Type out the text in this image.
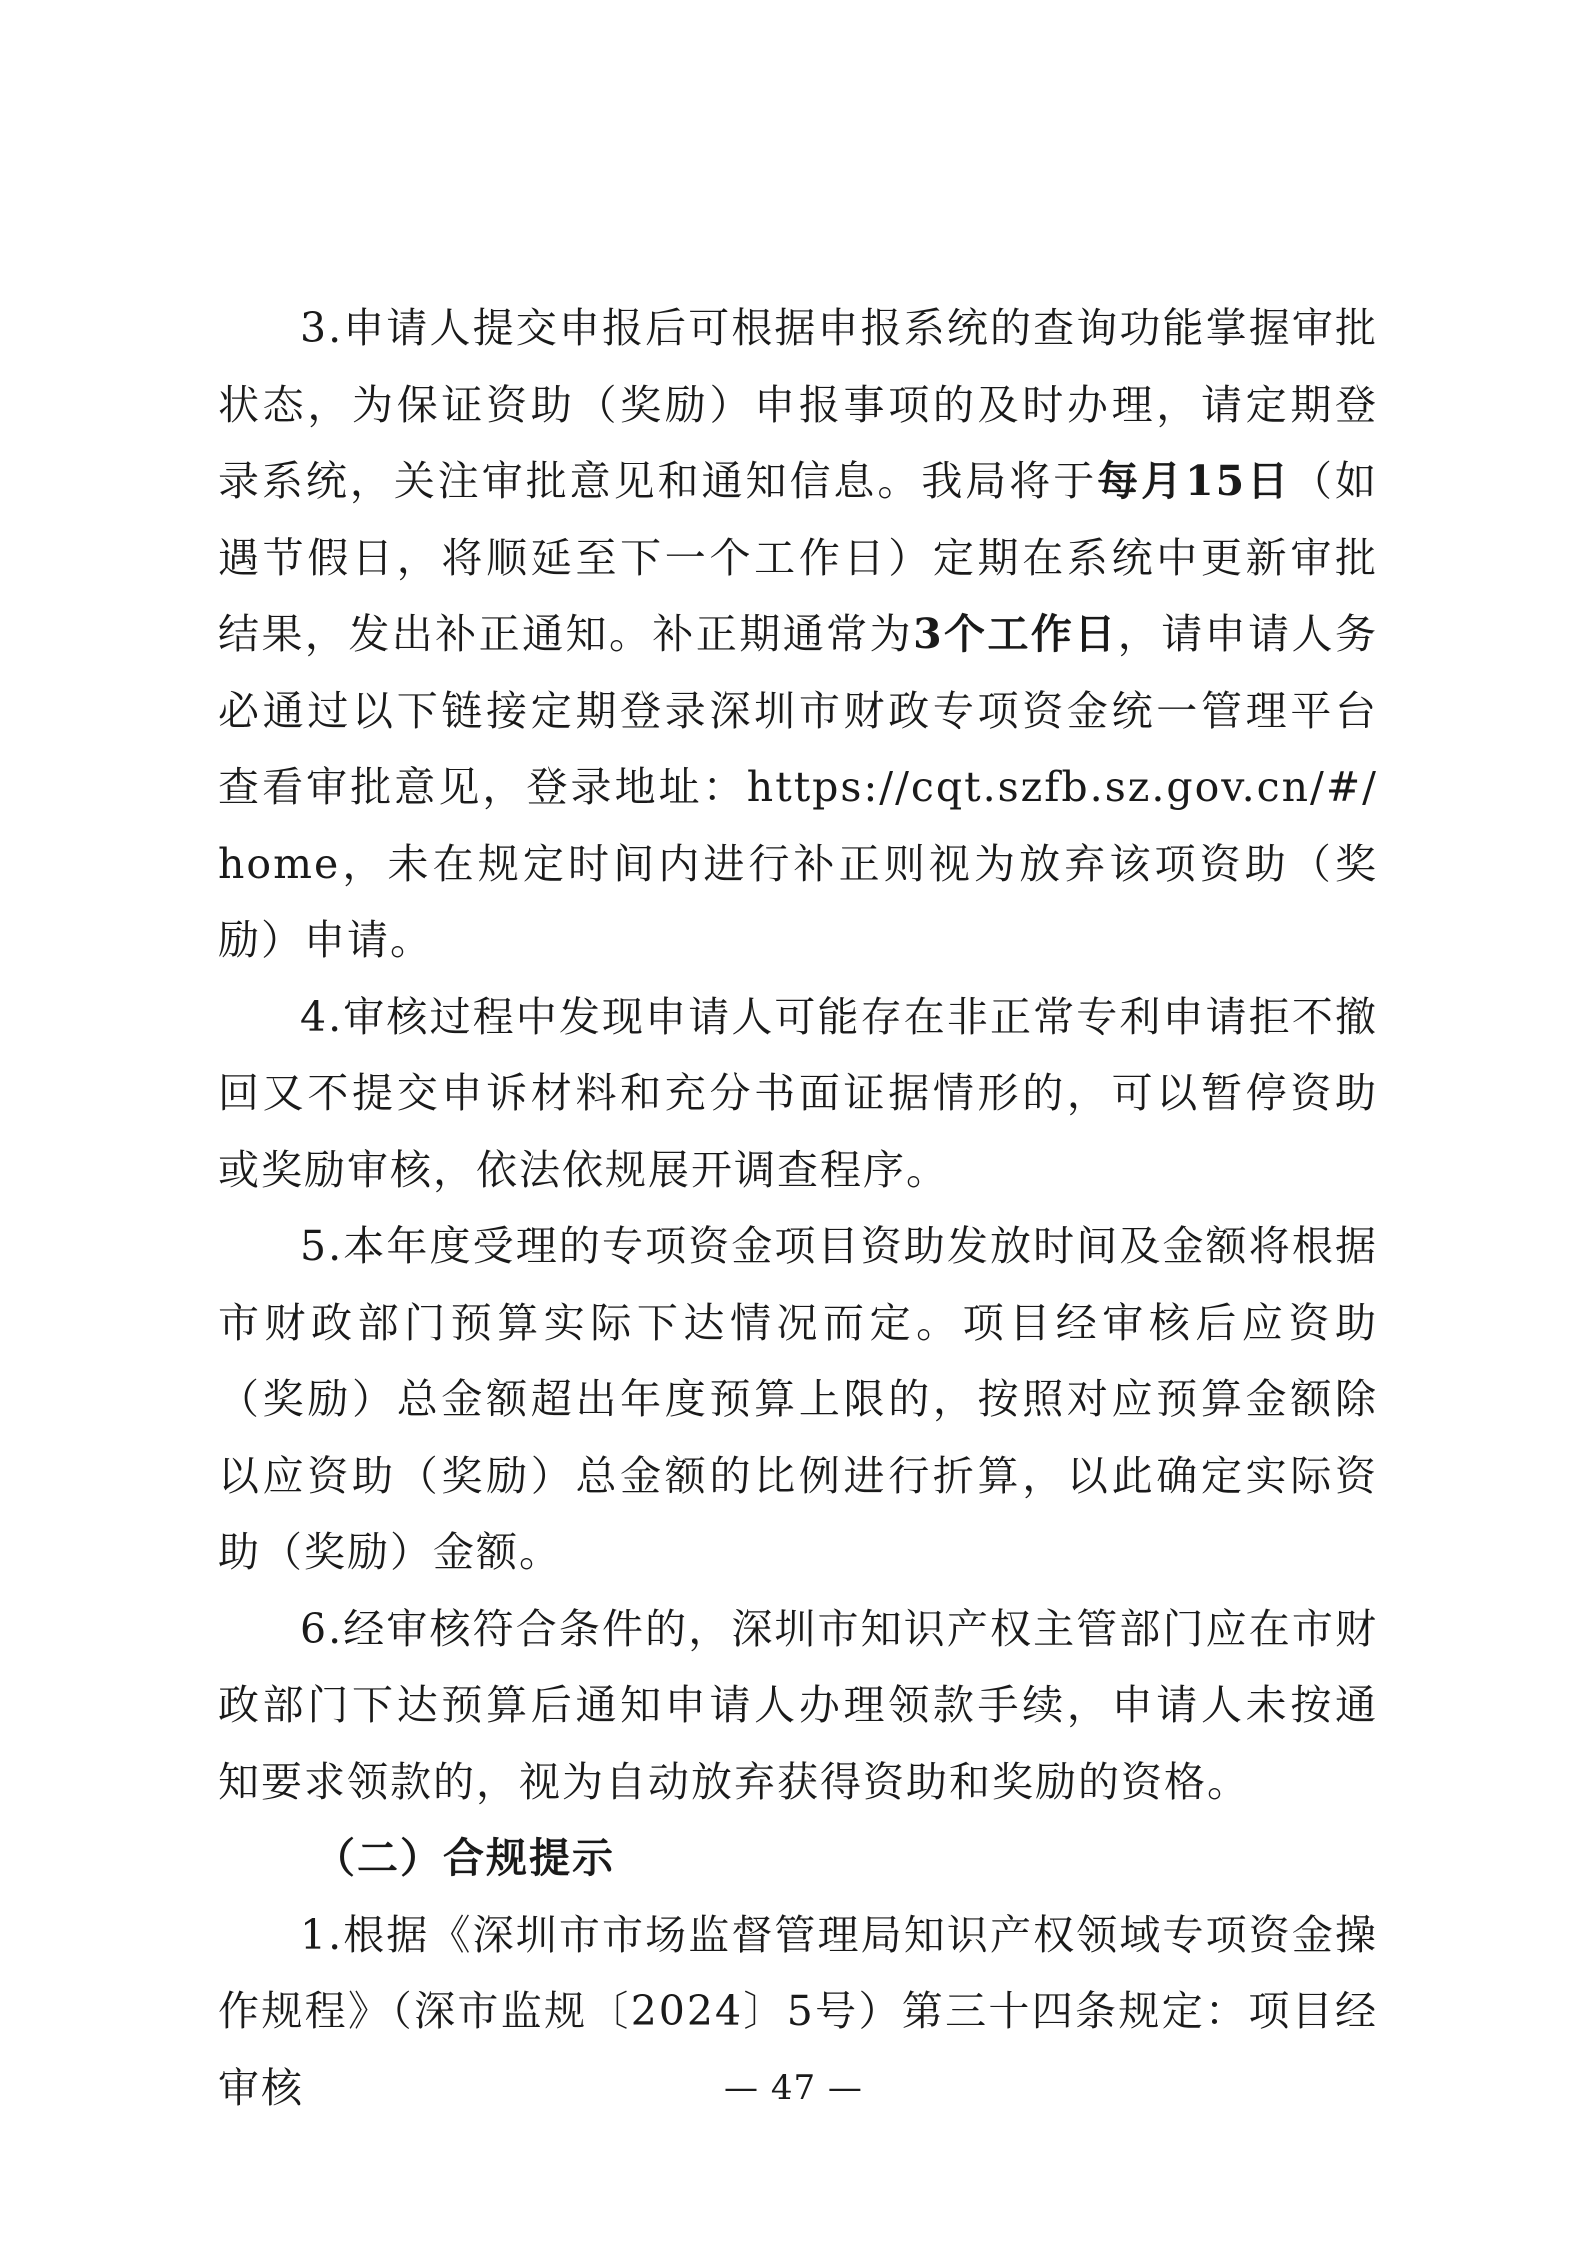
3.申请人提交申报后可根据申报系统的查询功能掌握审批状态，为保证资助（奖励）申报事项的及时办理，请定期登录系统，关注审批意见和通知信息。我局将于每月15日（如遇节假日，将顺延至下一个工作日）定期在系统中更新审批结果，发出补正通知。补正期通常为3个工作日，请申请人务必通过以下链接定期登录深圳市财政专项资金统一管理平台查看审批意见，登录地址：https://cqt.szfb.sz.gov.cn/#/home，未在规定时间内进行补正则视为放弃该项资助（奖励）申请。

4.审核过程中发现申请人可能存在非正常专利申请拒不撤回又不提交申诉材料和充分书面证据情形的，可以暂停资助或奖励审核，依法依规展开调查程序。

5.本年度受理的专项资金项目资助发放时间及金额将根据市财政部门预算实际下达情况而定。项目经审核后应资助（奖励）总金额超出年度预算上限的，按照对应预算金额除以应资助（奖励）总金额的比例进行折算，以此确定实际资助（奖励）金额。

6.经审核符合条件的，深圳市知识产权主管部门应在市财政部门下达预算后通知申请人办理领款手续，申请人未按通知要求领款的，视为自动放弃获得资助和奖励的资格。

（二）合规提示

1.根据《深圳市市场监督管理局知识产权领域专项资金操作规程》（深市监规〔2024〕5号）第三十四条规定：项目经审核	— 47 —
